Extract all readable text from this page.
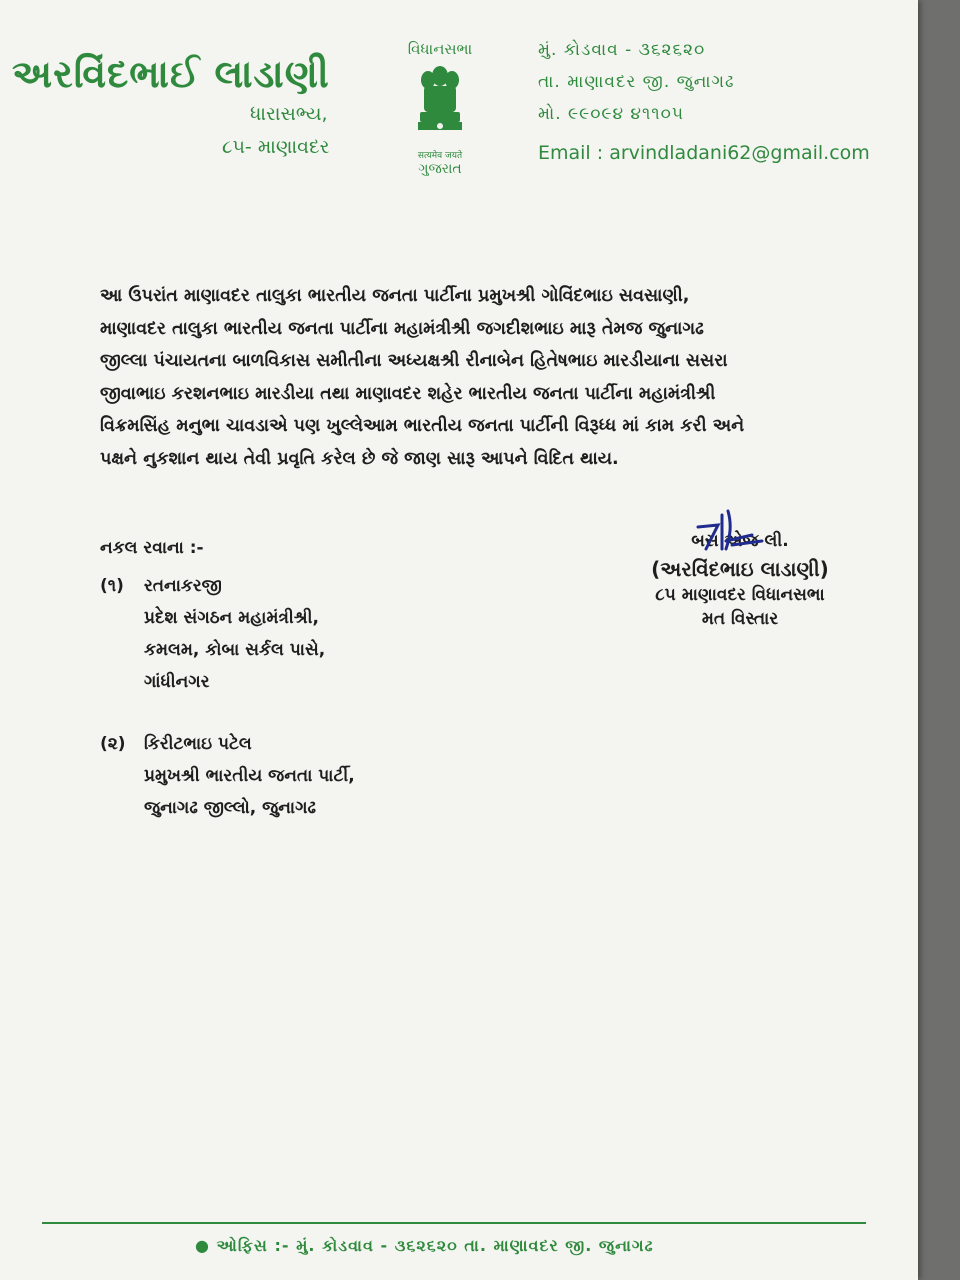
અરવિંદભાઈ લાડાણી
ધારાસભ્ય,
૮૫- માણાવદર
વિધાનસભા
सत्यमेव जयते
ગુજરાત
મું. કોડવાવ - ૩૬૨૬૨૦
તા. માણાવદર જી. જુનાગઢ
મો. ૯૯૦૯૪ ૪૧૧૦૫
Email : arvindladani62@gmail.com
આ ઉપરાંત માણાવદર તાલુકા ભારતીય જનતા પાર્ટીના પ્રમુખશ્રી ગોવિંદભાઇ સવસાણી,
માણાવદર તાલુકા ભારતીય જનતા પાર્ટીના મહામંત્રીશ્રી જગદીશભાઇ મારૂ તેમજ જુનાગઢ
જીલ્લા પંચાયતના બાળવિકાસ સમીતીના અધ્યક્ષશ્રી રીનાબેન હિતેષભાઇ મારડીયાના સસરા
જીવાભાઇ કરશનભાઇ મારડીયા તથા માણાવદર શહેર ભારતીય જનતા પાર્ટીના મહામંત્રીશ્રી
વિક્રમસિંહ મનુભા ચાવડાએ પણ ખુલ્લેઆમ ભારતીય જનતા પાર્ટીની વિરૂધ્ધ માં કામ કરી અને
પક્ષને નુકશાન થાય તેવી પ્રવૃતિ કરેલ છે જે જાણ સારૂ આપને વિદિત થાય.
નકલ રવાના :-
(૧) રતનાકરજી
પ્રદેશ સંગઠન મહામંત્રીશ્રી,
કમલમ, કોબા સર્કલ પાસે,
ગાંધીનગર
(૨) કિરીટભાઇ પટેલ
પ્રમુખશ્રી ભારતીય જનતા પાર્ટી,
જુનાગઢ જીલ્લો, જુનાગઢ
બસ એજ લી.
(અરવિંદભાઇ લાડાણી)
૮૫ માણાવદર વિધાનસભા
મત વિસ્તાર
● ઓફિસ :- મું. કોડવાવ - ૩૬૨૬૨૦ તા. માણાવદર જી. જુનાગઢ
